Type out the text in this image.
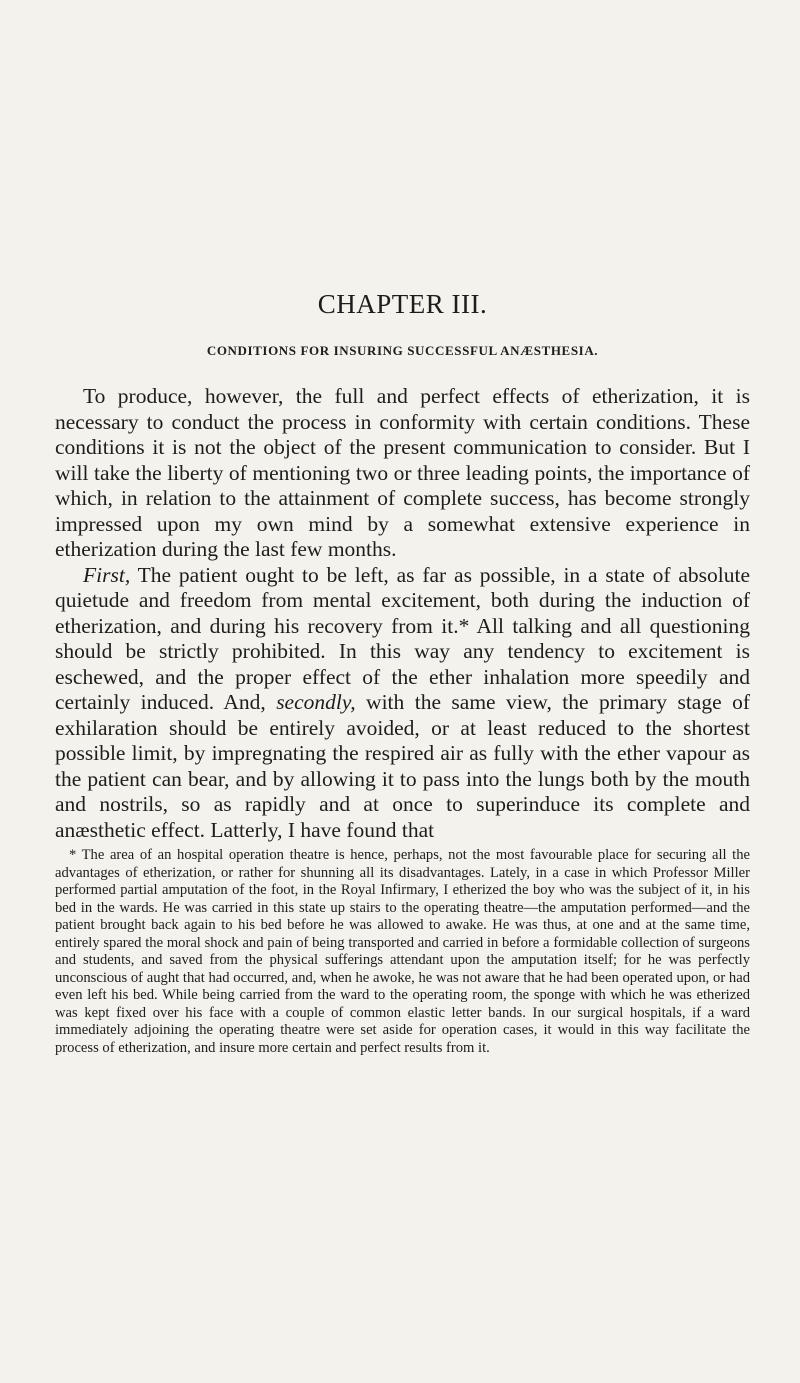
CHAPTER III.
CONDITIONS FOR INSURING SUCCESSFUL ANÆSTHESIA.

To produce, however, the full and perfect effects of etherization, it is necessary to conduct the process in conformity with certain conditions. These conditions it is not the object of the present communication to consider. But I will take the liberty of mentioning two or three leading points, the importance of which, in relation to the attainment of complete success, has become strongly impressed upon my own mind by a somewhat extensive experience in etherization during the last few months.

First, The patient ought to be left, as far as possible, in a state of absolute quietude and freedom from mental excitement, both during the induction of etherization, and during his recovery from it.* All talking and all questioning should be strictly prohibited. In this way any tendency to excitement is eschewed, and the proper effect of the ether inhalation more speedily and certainly induced. And, secondly, with the same view, the primary stage of exhilaration should be entirely avoided, or at least reduced to the shortest possible limit, by impregnating the respired air as fully with the ether vapour as the patient can bear, and by allowing it to pass into the lungs both by the mouth and nostrils, so as rapidly and at once to superinduce its complete and anæsthetic effect. Latterly, I have found that

* The area of an hospital operation theatre is hence, perhaps, not the most favourable place for securing all the advantages of etherization, or rather for shunning all its disadvantages. Lately, in a case in which Professor Miller performed partial amputation of the foot, in the Royal Infirmary, I etherized the boy who was the subject of it, in his bed in the wards. He was carried in this state up stairs to the operating theatre—the amputation performed—and the patient brought back again to his bed before he was allowed to awake. He was thus, at one and at the same time, entirely spared the moral shock and pain of being transported and carried in before a formidable collection of surgeons and students, and saved from the physical sufferings attendant upon the amputation itself; for he was perfectly unconscious of aught that had occurred, and, when he awoke, he was not aware that he had been operated upon, or had even left his bed. While being carried from the ward to the operating room, the sponge with which he was etherized was kept fixed over his face with a couple of common elastic letter bands. In our surgical hospitals, if a ward immediately adjoining the operating theatre were set aside for operation cases, it would in this way facilitate the process of etherization, and insure more certain and perfect results from it.
